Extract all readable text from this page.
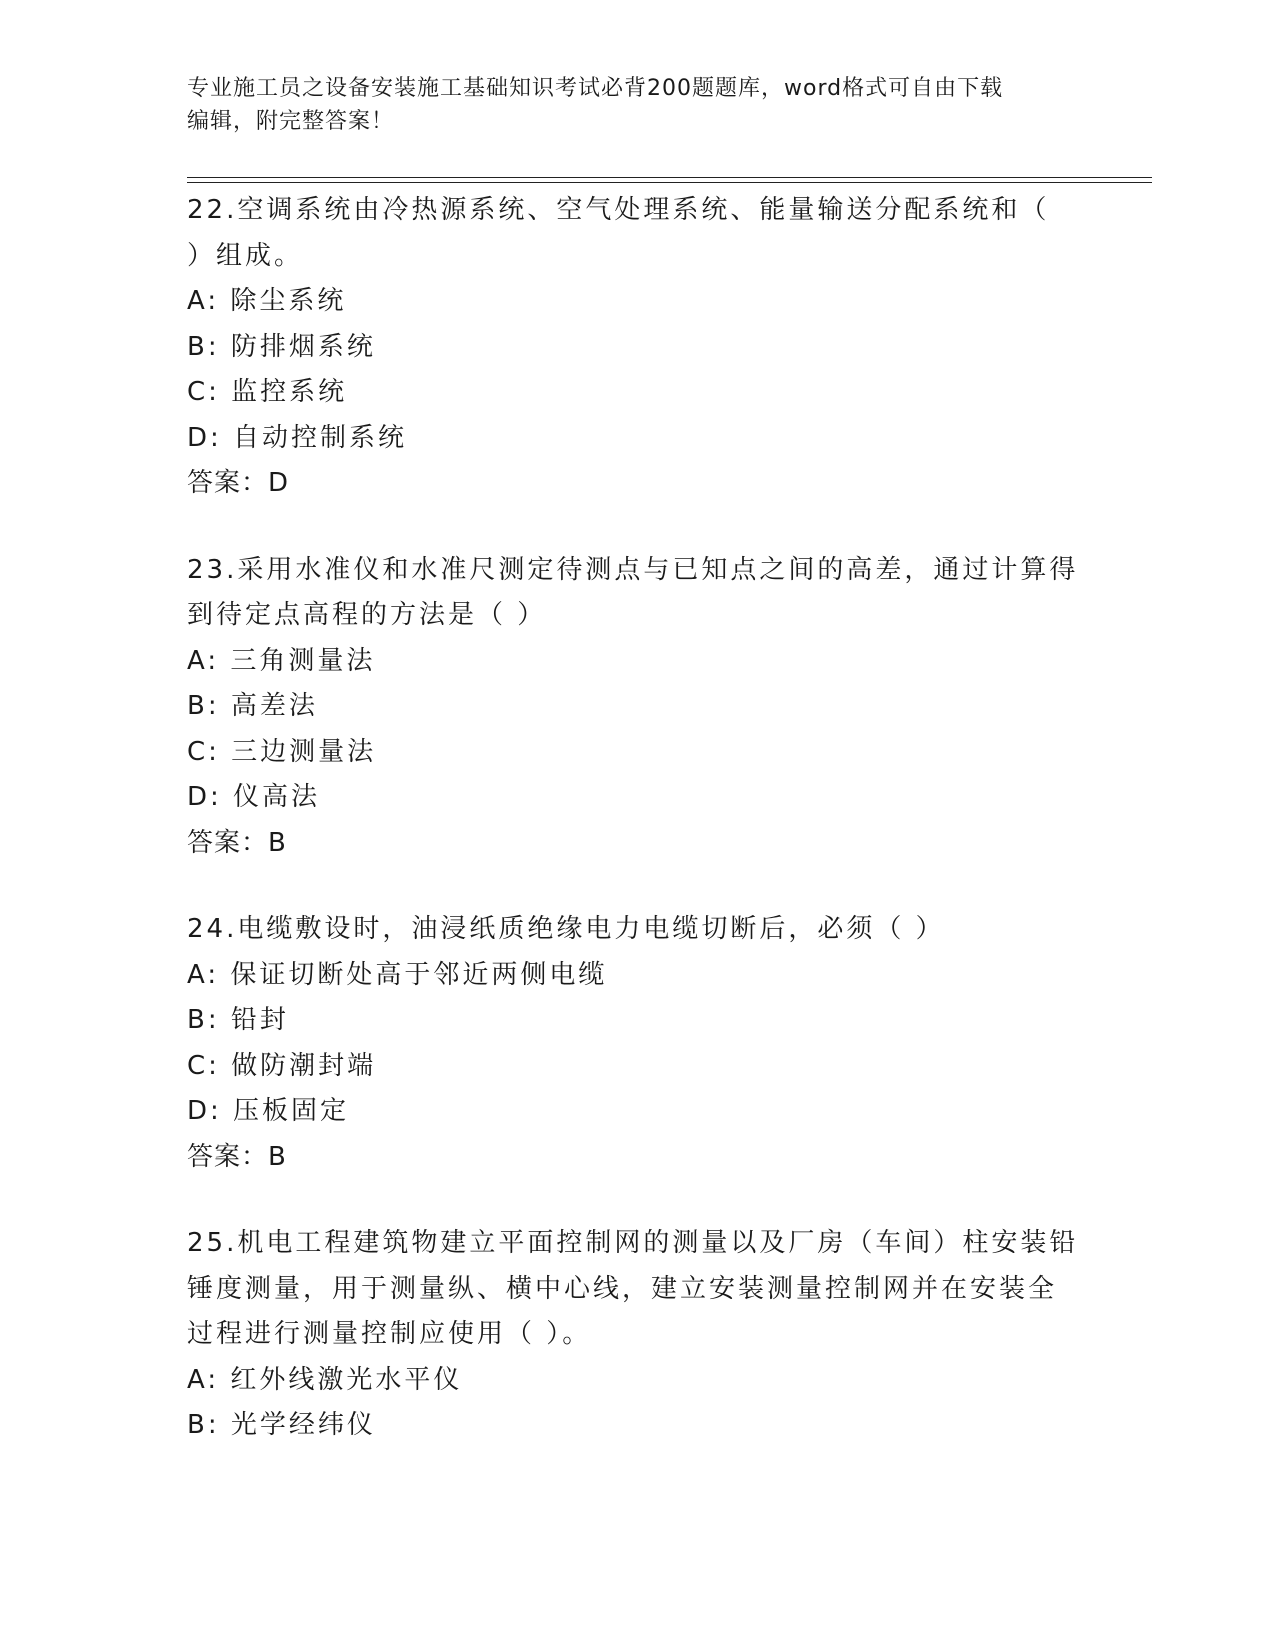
专业施工员之设备安装施工基础知识考试必背200题题库，word格式可自由下载
编辑，附完整答案！
22.空调系统由冷热源系统、空气处理系统、能量输送分配系统和（
）组成。
A: 除尘系统
B: 防排烟系统
C: 监控系统
D: 自动控制系统
答案：D
23.采用水准仪和水准尺测定待测点与已知点之间的高差，通过计算得
到待定点高程的方法是（ ）
A: 三角测量法
B: 高差法
C: 三边测量法
D: 仪高法
答案：B
24.电缆敷设时，油浸纸质绝缘电力电缆切断后，必须（ ）
A: 保证切断处高于邻近两侧电缆
B: 铅封
C: 做防潮封端
D: 压板固定
答案：B
25.机电工程建筑物建立平面控制网的测量以及厂房（车间）柱安装铅
锤度测量，用于测量纵、横中心线，建立安装测量控制网并在安装全
过程进行测量控制应使用（ ）。
A: 红外线激光水平仪
B: 光学经纬仪
